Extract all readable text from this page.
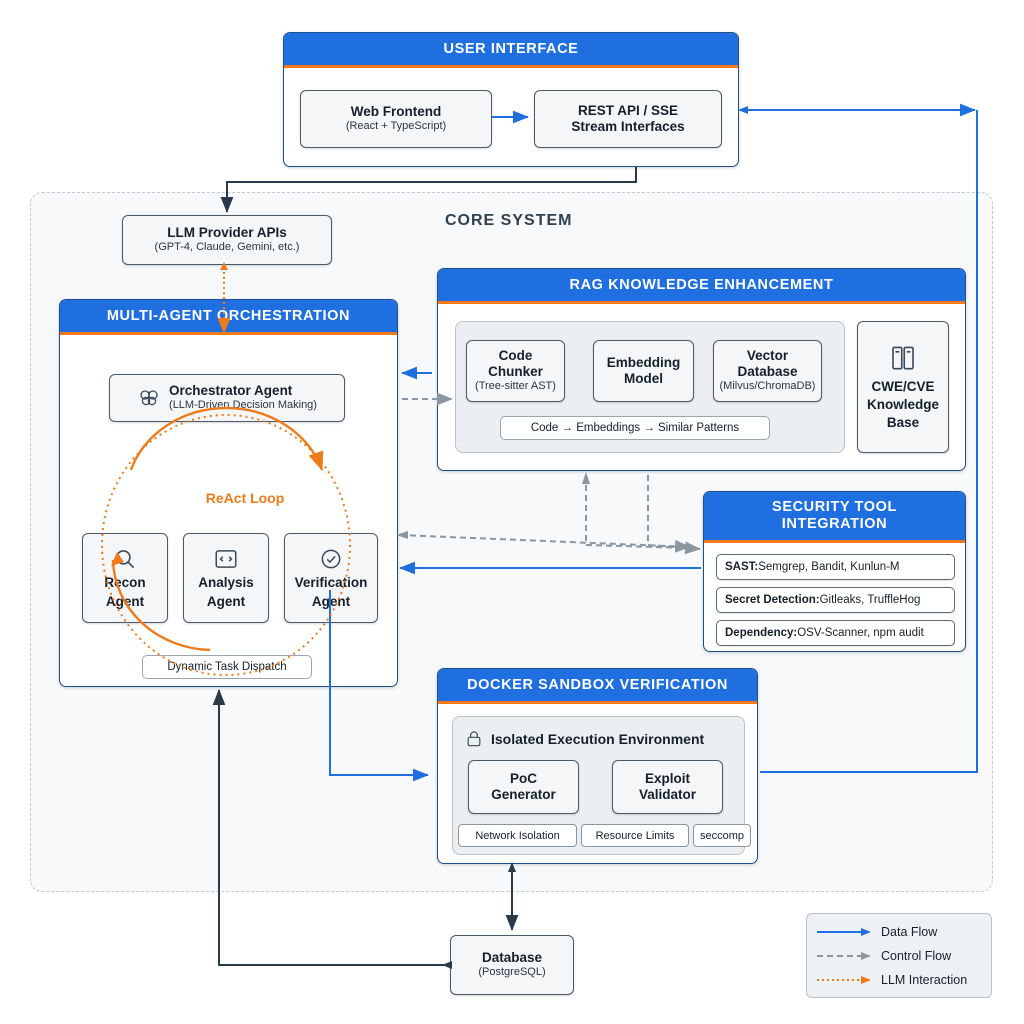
CORE SYSTEM
USER INTERFACE
Web Frontend
(React + TypeScript)
REST API / SSE
Stream Interfaces
LLM Provider APIs
(GPT-4, Claude, Gemini, etc.)
MULTI-AGENT ORCHESTRATION
Orchestrator Agent
(LLM-Driven Decision Making)
ReAct Loop
Recon
Agent
Analysis
Agent
Verification
Agent
Dynamic Task Dispatch
RAG KNOWLEDGE ENHANCEMENT
Code
Chunker
(Tree-sitter AST)
Embedding
Model
Vector
Database
(Milvus/ChromaDB)
Code → Embeddings → Similar Patterns
CWE/CVE
Knowledge
Base
SECURITY TOOL
INTEGRATION
SAST: Semgrep, Bandit, Kunlun-M
Secret Detection: Gitleaks, TruffleHog
Dependency: OSV-Scanner, npm audit
DOCKER SANDBOX VERIFICATION
Isolated Execution Environment
PoC
Generator
Exploit
Validator
Network Isolation	Resource Limits	seccomp
Database
(PostgreSQL)
Data Flow
Control Flow
LLM Interaction
